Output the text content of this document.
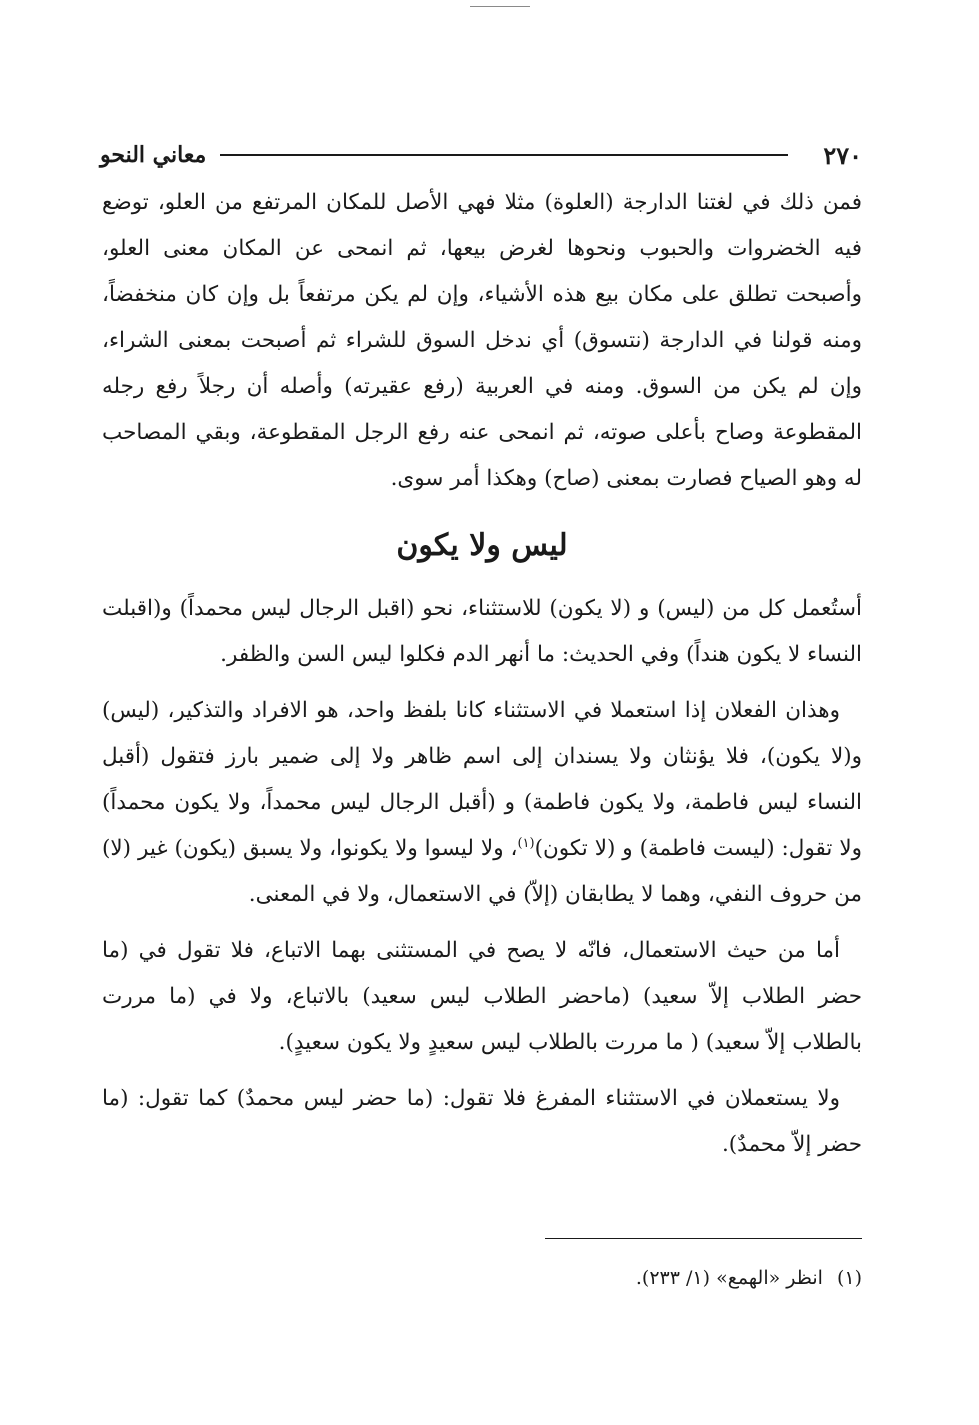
٢٧٠
معاني النحو

فمن ذلك في لغتنا الدارجة (العلوة) مثلا فهي الأصل للمكان المرتفع من العلو، توضع فيه الخضروات والحبوب ونحوها لغرض بيعها، ثم انمحى عن المكان معنى العلو، وأصبحت تطلق على مكان بيع هذه الأشياء، وإن لم يكن مرتفعاً بل وإن كان منخفضاً، ومنه قولنا في الدارجة (نتسوق) أي ندخل السوق للشراء ثم أصبحت بمعنى الشراء، وإن لم يكن من السوق. ومنه في العربية (رفع عقيرته) وأصله أن رجلاً رفع رجله المقطوعة وصاح بأعلى صوته، ثم انمحى عنه رفع الرجل المقطوعة، وبقي المصاحب له وهو الصياح فصارت بمعنى (صاح) وهكذا أمر سوى.

ليس ولا يكون

أستُعمل كل من (ليس) و (لا يكون) للاستثناء، نحو (اقبل الرجال ليس محمداً) و(اقبلت النساء لا يكون هنداً) وفي الحديث: ما أنهر الدم فكلوا ليس السن والظفر.

وهذان الفعلان إذا استعملا في الاستثناء كانا بلفظ واحد، هو الافراد والتذكير، (ليس) و(لا يكون)، فلا يؤنثان ولا يسندان إلى اسم ظاهر ولا إلى ضمير بارز فتقول (أقبل النساء ليس فاطمة، ولا يكون فاطمة) و (أقبل الرجال ليس محمداً، ولا يكون محمداً) ولا تقول: (ليست فاطمة) و (لا تكون)$^{(١)}$، ولا ليسوا ولا يكونوا، ولا يسبق (يكون) غير (لا) من حروف النفي، وهما لا يطابقان (إلاّ) في الاستعمال، ولا في المعنى.

أما من حيث الاستعمال، فانّه لا يصح في المستثنى بهما الاتباع، فلا تقول في (ما حضر الطلاب إلاّ سعيد) (ماحضر الطلاب ليس سعيد) بالاتباع، ولا في (ما مررت بالطلاب إلاّ سعيد) ( ما مررت بالطلاب ليس سعيدٍ ولا يكون سعيدٍ).

ولا يستعملان في الاستثناء المفرغ فلا تقول: (ما حضر ليس محمدٌ) كما تقول: (ما حضر إلاّ محمدٌ).

(١)انظر «الهمع» (١/ ٢٣٣).
